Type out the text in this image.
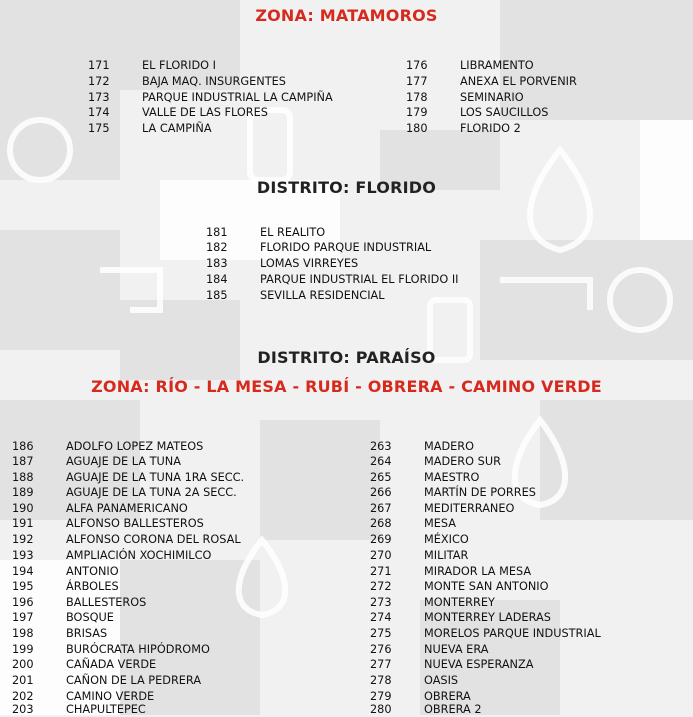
ZONA: MATAMOROS
171	EL FLORIDO I
172	BAJA MAQ. INSURGENTES
173	PARQUE INDUSTRIAL LA CAMPIÑA
174	VALLE DE LAS FLORES
175	LA CAMPIÑA
176	LIBRAMENTO
177	ANEXA EL PORVENIR
178	SEMINARIO
179	LOS SAUCILLOS
180	FLORIDO 2
DISTRITO: FLORIDO
181	EL REALITO
182	FLORIDO PARQUE INDUSTRIAL
183	LOMAS VIRREYES
184	PARQUE INDUSTRIAL EL FLORIDO II
185	SEVILLA RESIDENCIAL
DISTRITO: PARAÍSO
ZONA: RÍO - LA MESA - RUBÍ - OBRERA - CAMINO VERDE
186	ADOLFO LOPEZ MATEOS
187	AGUAJE DE LA TUNA
188	AGUAJE DE LA TUNA 1RA SECC.
189	AGUAJE DE LA TUNA 2A SECC.
190	ALFA PANAMERICANO
191	ALFONSO BALLESTEROS
192	ALFONSO CORONA DEL ROSAL
193	AMPLIACIÓN XOCHIMILCO
194	ANTONIO
195	ÁRBOLES
196	BALLESTEROS
197	BOSQUE
198	BRISAS
199	BURÓCRATA HIPÓDROMO
200	CAÑADA VERDE
201	CAÑON DE LA PEDRERA
202	CAMINO VERDE
203	CHAPULTEPEC
263	MADERO
264	MADERO SUR
265	MAESTRO
266	MARTÍN DE PORRES
267	MEDITERRANEO
268	MESA
269	MÉXICO
270	MILITAR
271	MIRADOR LA MESA
272	MONTE SAN ANTONIO
273	MONTERREY
274	MONTERREY LADERAS
275	MORELOS PARQUE INDUSTRIAL
276	NUEVA ERA
277	NUEVA ESPERANZA
278	OASIS
279	OBRERA
280	OBRERA 2
